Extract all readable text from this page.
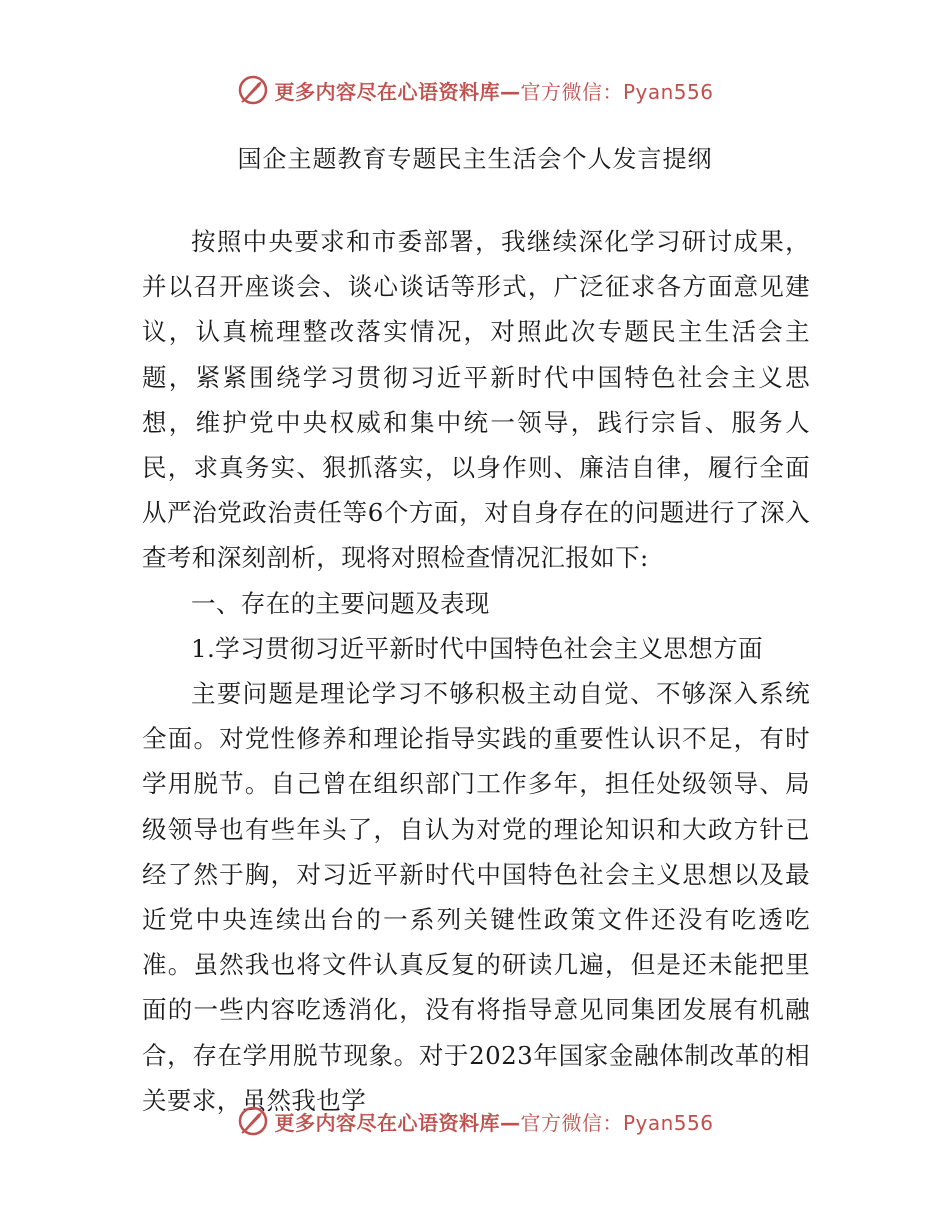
更多内容尽在心语资料库—官方微信：Pyan556
国企主题教育专题民主生活会个人发言提纲

按照中央要求和市委部署，我继续深化学习研讨成果，并以召开座谈会、谈心谈话等形式，广泛征求各方面意见建议，认真梳理整改落实情况，对照此次专题民主生活会主题，紧紧围绕学习贯彻习近平新时代中国特色社会主义思想，维护党中央权威和集中统一领导，践行宗旨、服务人民，求真务实、狠抓落实，以身作则、廉洁自律，履行全面从严治党政治责任等6个方面，对自身存在的问题进行了深入查考和深刻剖析，现将对照检查情况汇报如下:

一、存在的主要问题及表现

1.学习贯彻习近平新时代中国特色社会主义思想方面

主要问题是理论学习不够积极主动自觉、不够深入系统全面。对党性修养和理论指导实践的重要性认识不足，有时学用脱节。自己曾在组织部门工作多年，担任处级领导、局级领导也有些年头了，自认为对党的理论知识和大政方针已经了然于胸，对习近平新时代中国特色社会主义思想以及最近党中央连续出台的一系列关键性政策文件还没有吃透吃准。虽然我也将文件认真反复的研读几遍，但是还未能把里面的一些内容吃透消化，没有将指导意见同集团发展有机融合，存在学用脱节现象。对于2023年国家金融体制改革的相关要求，虽然我也学

更多内容尽在心语资料库—官方微信：Pyan556
